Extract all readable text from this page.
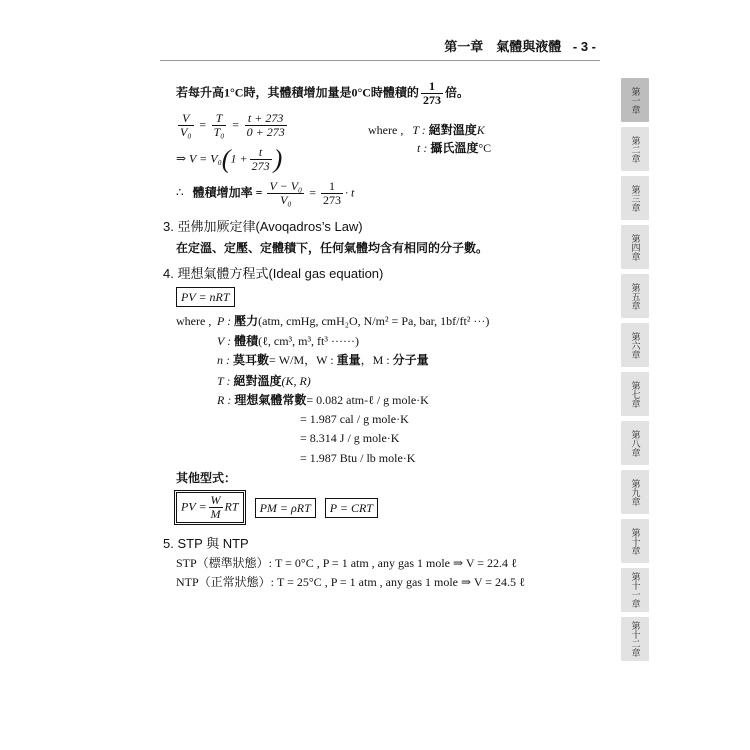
第一章　氣體與液體 - 3 -
若每升高1°C時，其體積增加量是0°C時體積的 $\frac{1}{273}$ 倍。
$\frac{V}{\text{V₀}} = \frac{T}{\text{T₀}} = \frac{t + 273}{0 + 273}$	where , T : 絕對溫度K
t : 攝氏溫度°C
⇒ $V = V_0(1 + \frac{t}{273}$ )
∴ 體積增加率 = $\frac{\text{V − V₀}}{\text{V₀}} = \frac{1}{273} \cdot t$
3. 亞佛加厥定律(Avoqadros’s Law)
在定溫、定壓、定體積下，任何氣體均含有相同的分子數。
4. 理想氣體方程式(Ideal gas equation)
PV = nRT
where , P : 壓力(atm, cmHg, cmH₂O, N/m² = Pa, bar, 1bf/ft² ···)
V : 體積(ℓ, cm³, m³, ft³ ······)
n : 莫耳數= W/M，W : 重量，M : 分子量
T : 絕對溫度(K, R)
R : 理想氣體常數= 0.082 atm-ℓ / g mole·K
= 1.987 cal / g mole·K
= 8.314 J / g mole·K
= 1.987 Btu / lb mole·K
其他型式：
PV = $\frac{W}{M}$ RT PM = ρRT P = CRT
5. STP 與 NTP
STP（標準狀態）: T = 0°C , P = 1 atm , any gas 1 mole ⇒ V = 22.4 ℓ
NTP（正常狀態）: T = 25°C , P = 1 atm , any gas 1 mole ⇒ V = 24.5 ℓ
第一章
第二章
第三章
第四章
第五章
第六章
第七章
第八章
第九章
第十章
第十一章
第十二章
